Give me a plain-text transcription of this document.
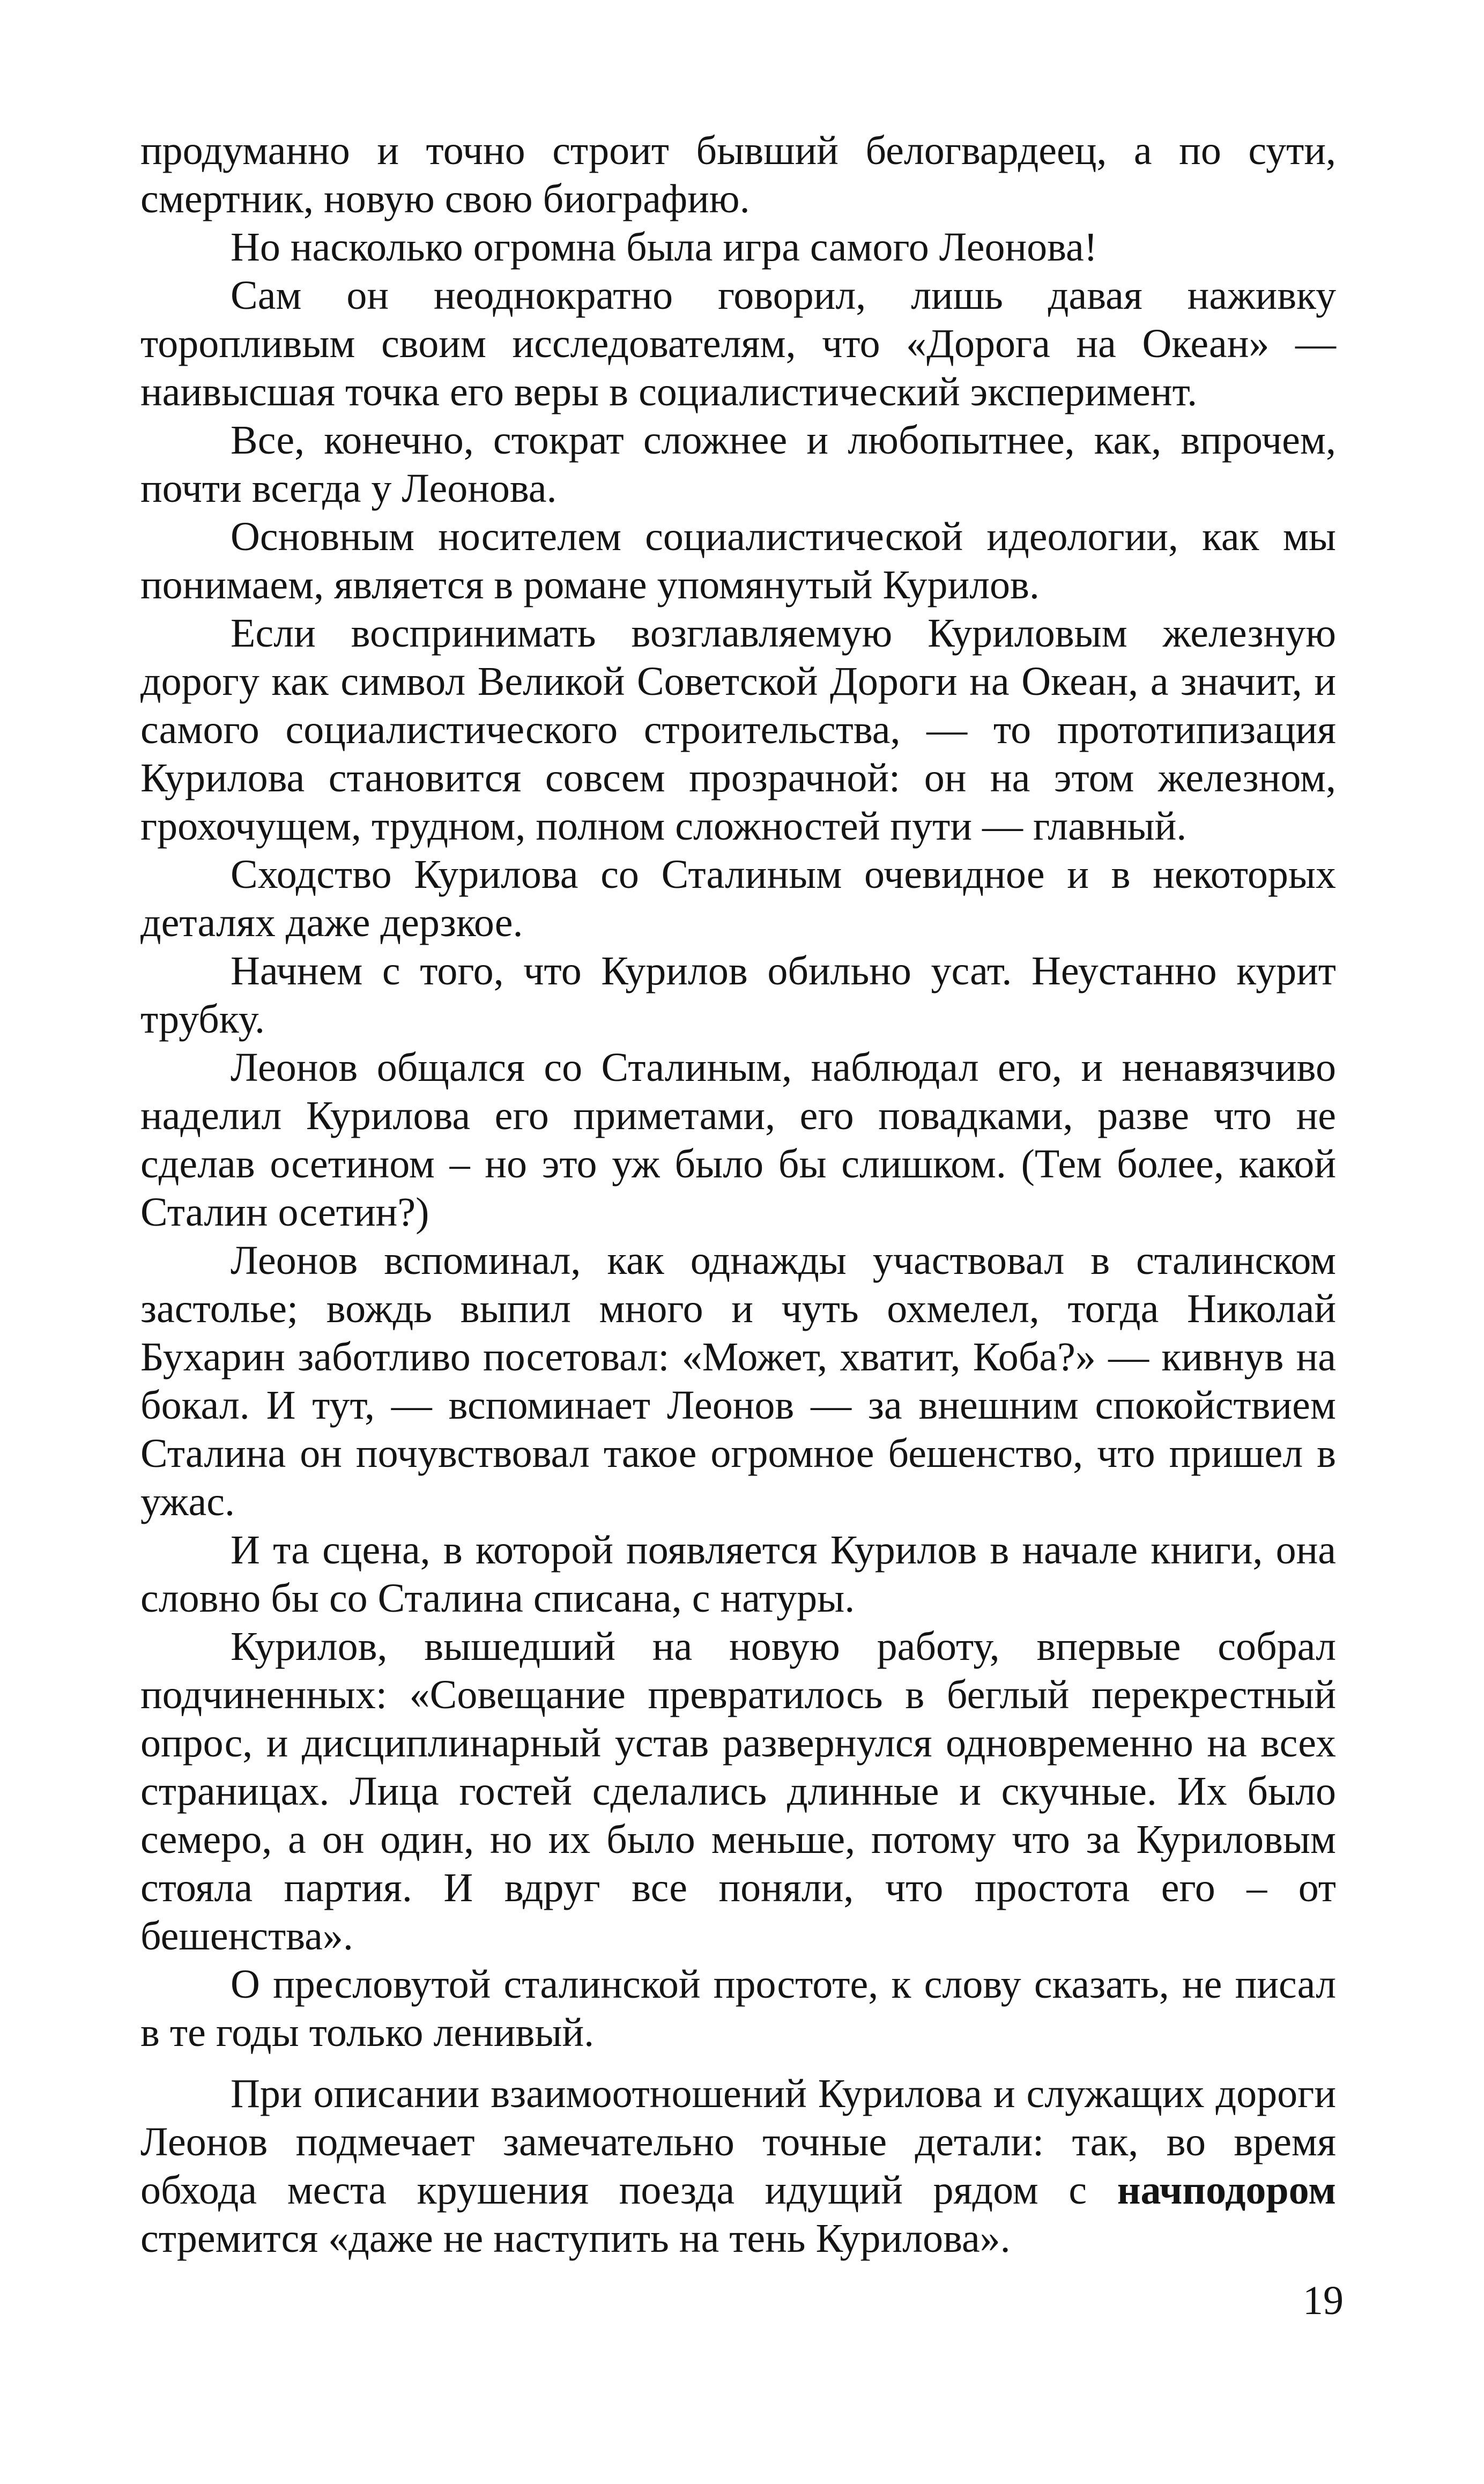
продуманно и точно строит бывший белогвардеец, а по сути, смертник, новую свою биографию.

Но насколько огромна была игра самого Леонова!

Сам он неоднократно говорил, лишь давая наживку торопливым своим исследователям, что «Дорога на Океан» — наивысшая точка его веры в социалистический эксперимент.

Все, конечно, стократ сложнее и любопытнее, как, впрочем, почти всегда у Леонова.

Основным носителем социалистической идеологии, как мы понимаем, является в романе упомянутый Курилов.

Если воспринимать возглавляемую Куриловым железную дорогу как символ Великой Советской Дороги на Океан, а значит, и самого социалистического строительства, — то прототипизация Курилова становится совсем прозрачной: он на этом железном, грохочущем, трудном, полном сложностей пути — главный.

Сходство Курилова со Сталиным очевидное и в некоторых деталях даже дерзкое.

Начнем с того, что Курилов обильно усат. Неустанно курит трубку.

Леонов общался со Сталиным, наблюдал его, и ненавязчиво наделил Курилова его приметами, его повадками, разве что не сделав осетином – но это уж было бы слишком. (Тем более, какой Сталин осетин?)

Леонов вспоминал, как однажды участвовал в сталинском застолье; вождь выпил много и чуть охмелел, тогда Николай Бухарин заботливо посетовал: «Может, хватит, Коба?» — кивнув на бокал. И тут, — вспоминает Леонов — за внешним спокойствием Сталина он почувствовал такое огромное бешенство, что пришел в ужас.

И та сцена, в которой появляется Курилов в начале книги, она словно бы со Сталина списана, с натуры.

Курилов, вышедший на новую работу, впервые собрал подчиненных: «Совещание превратилось в беглый перекрестный опрос, и дисциплинарный устав развернулся одновременно на всех страницах. Лица гостей сделались длинные и скучные. Их было семеро, а он один, но их было меньше, потому что за Куриловым стояла партия. И вдруг все поняли, что простота его – от бешенства».

О пресловутой сталинской простоте, к слову сказать, не писал в те годы только ленивый.

При описании взаимоотношений Курилова и служащих дороги Леонов подмечает замечательно точные детали: так, во время обхода места крушения поезда идущий рядом с начподором стремится «даже не наступить на тень Курилова».

19
